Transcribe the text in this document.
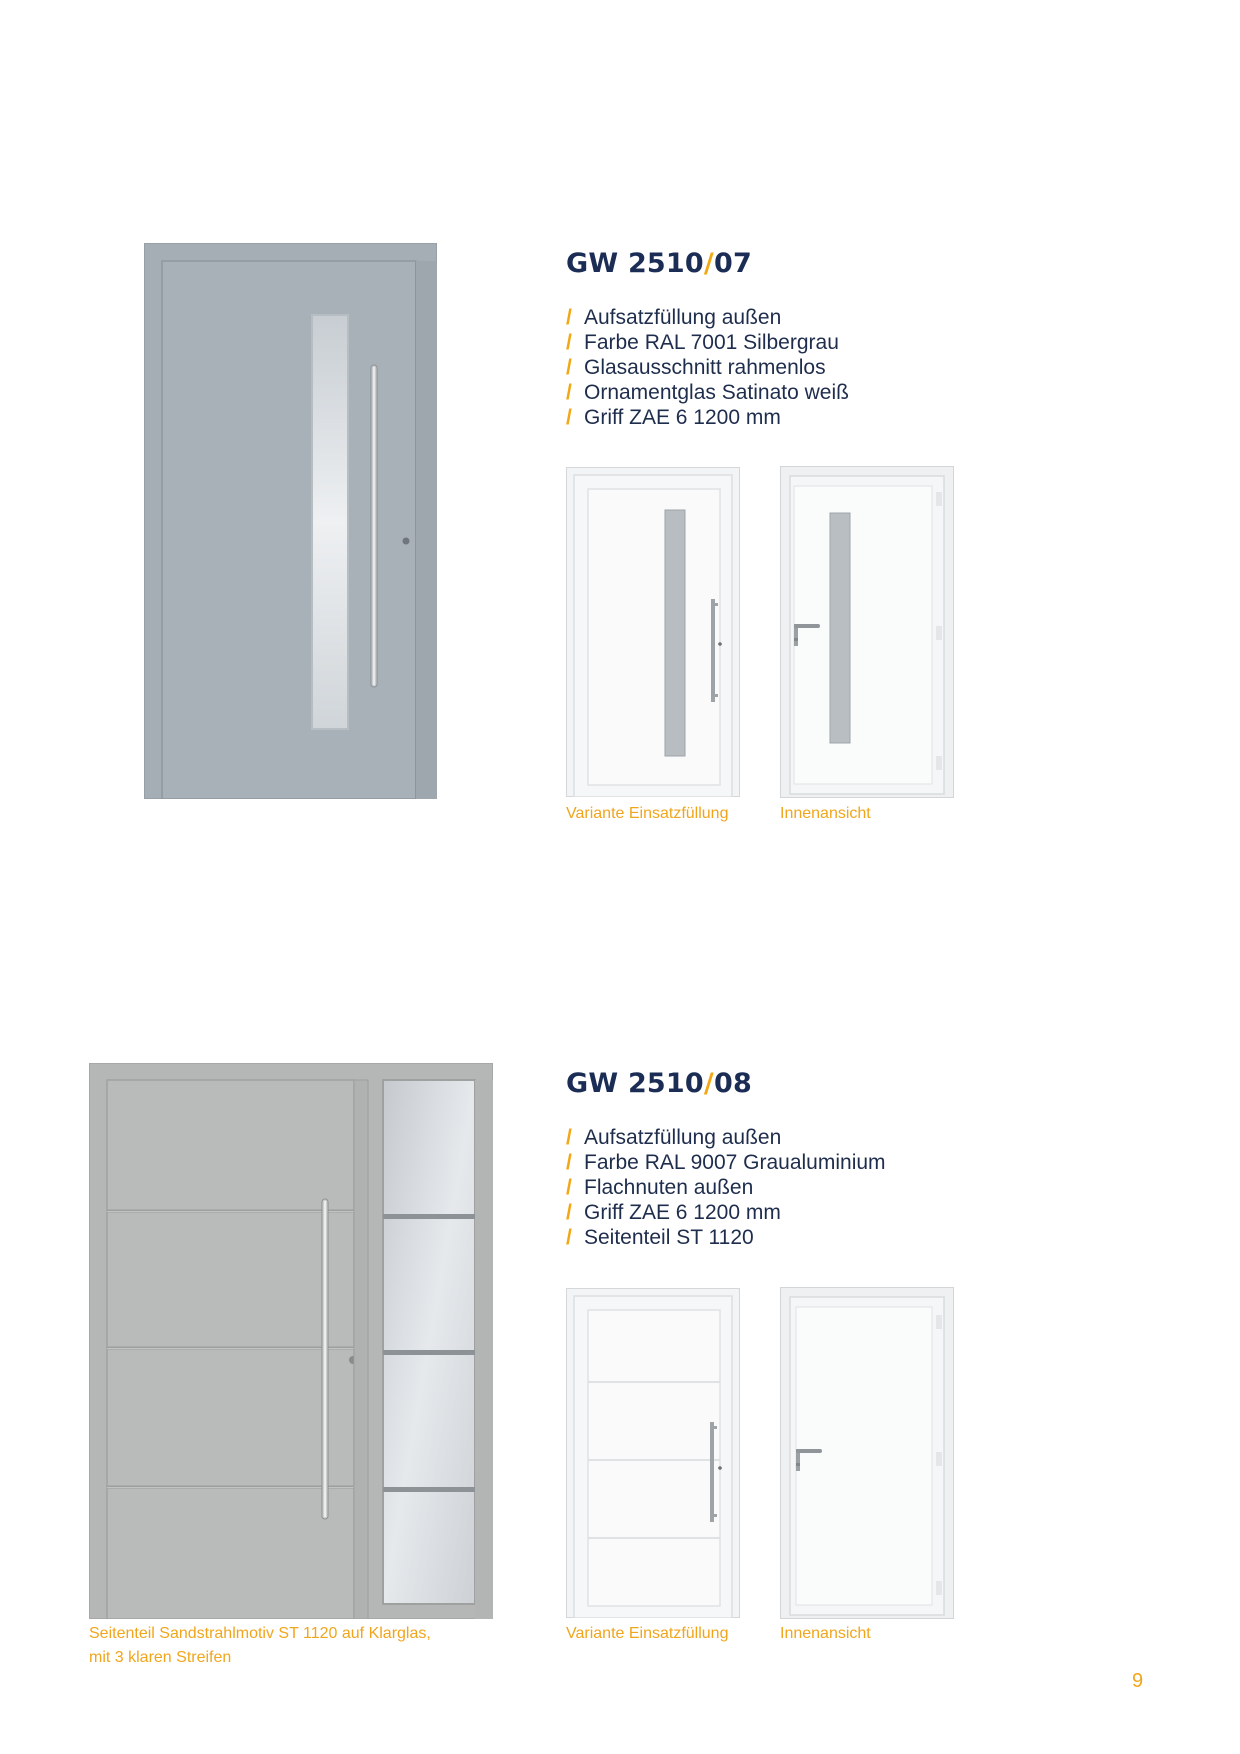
GW 2510/07
/ Aufsatzfüllung außen
/ Farbe RAL 7001 Silbergrau
/ Glasausschnitt rahmenlos
/ Ornamentglas Satinato weiß
/ Griff ZAE 6 1200 mm
Variante Einsatzfüllung	Innenansicht
GW 2510/08
/ Aufsatzfüllung außen
/ Farbe RAL 9007 Graualuminium
/ Flachnuten außen
/ Griff ZAE 6 1200 mm
/ Seitenteil ST 1120
Seitenteil Sandstrahlmotiv ST 1120 auf Klarglas,
mit 3 klaren Streifen
Variante Einsatzfüllung	Innenansicht
9
